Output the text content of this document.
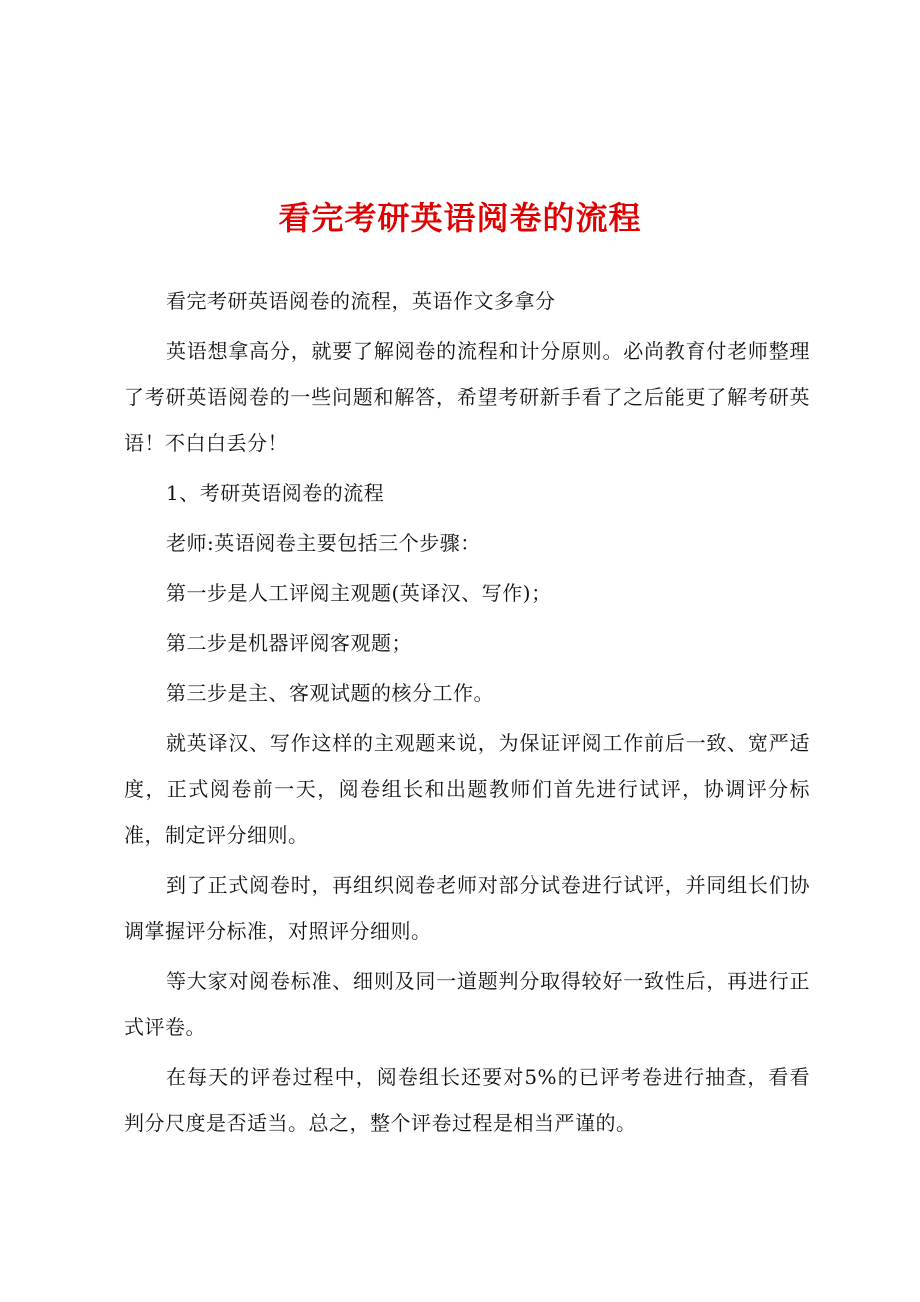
看完考研英语阅卷的流程

看完考研英语阅卷的流程，英语作文多拿分

英语想拿高分，就要了解阅卷的流程和计分原则。必尚教育付老师整理了考研英语阅卷的一些问题和解答，希望考研新手看了之后能更了解考研英语！不白白丢分！

1、考研英语阅卷的流程

老师:英语阅卷主要包括三个步骤：

第一步是人工评阅主观题(英译汉、写作)；

第二步是机器评阅客观题；

第三步是主、客观试题的核分工作。

就英译汉、写作这样的主观题来说，为保证评阅工作前后一致、宽严适度，正式阅卷前一天，阅卷组长和出题教师们首先进行试评，协调评分标准，制定评分细则。

到了正式阅卷时，再组织阅卷老师对部分试卷进行试评，并同组长们协调掌握评分标准，对照评分细则。

等大家对阅卷标准、细则及同一道题判分取得较好一致性后，再进行正式评卷。

在每天的评卷过程中，阅卷组长还要对5%的已评考卷进行抽查，看看判分尺度是否适当。总之，整个评卷过程是相当严谨的。
